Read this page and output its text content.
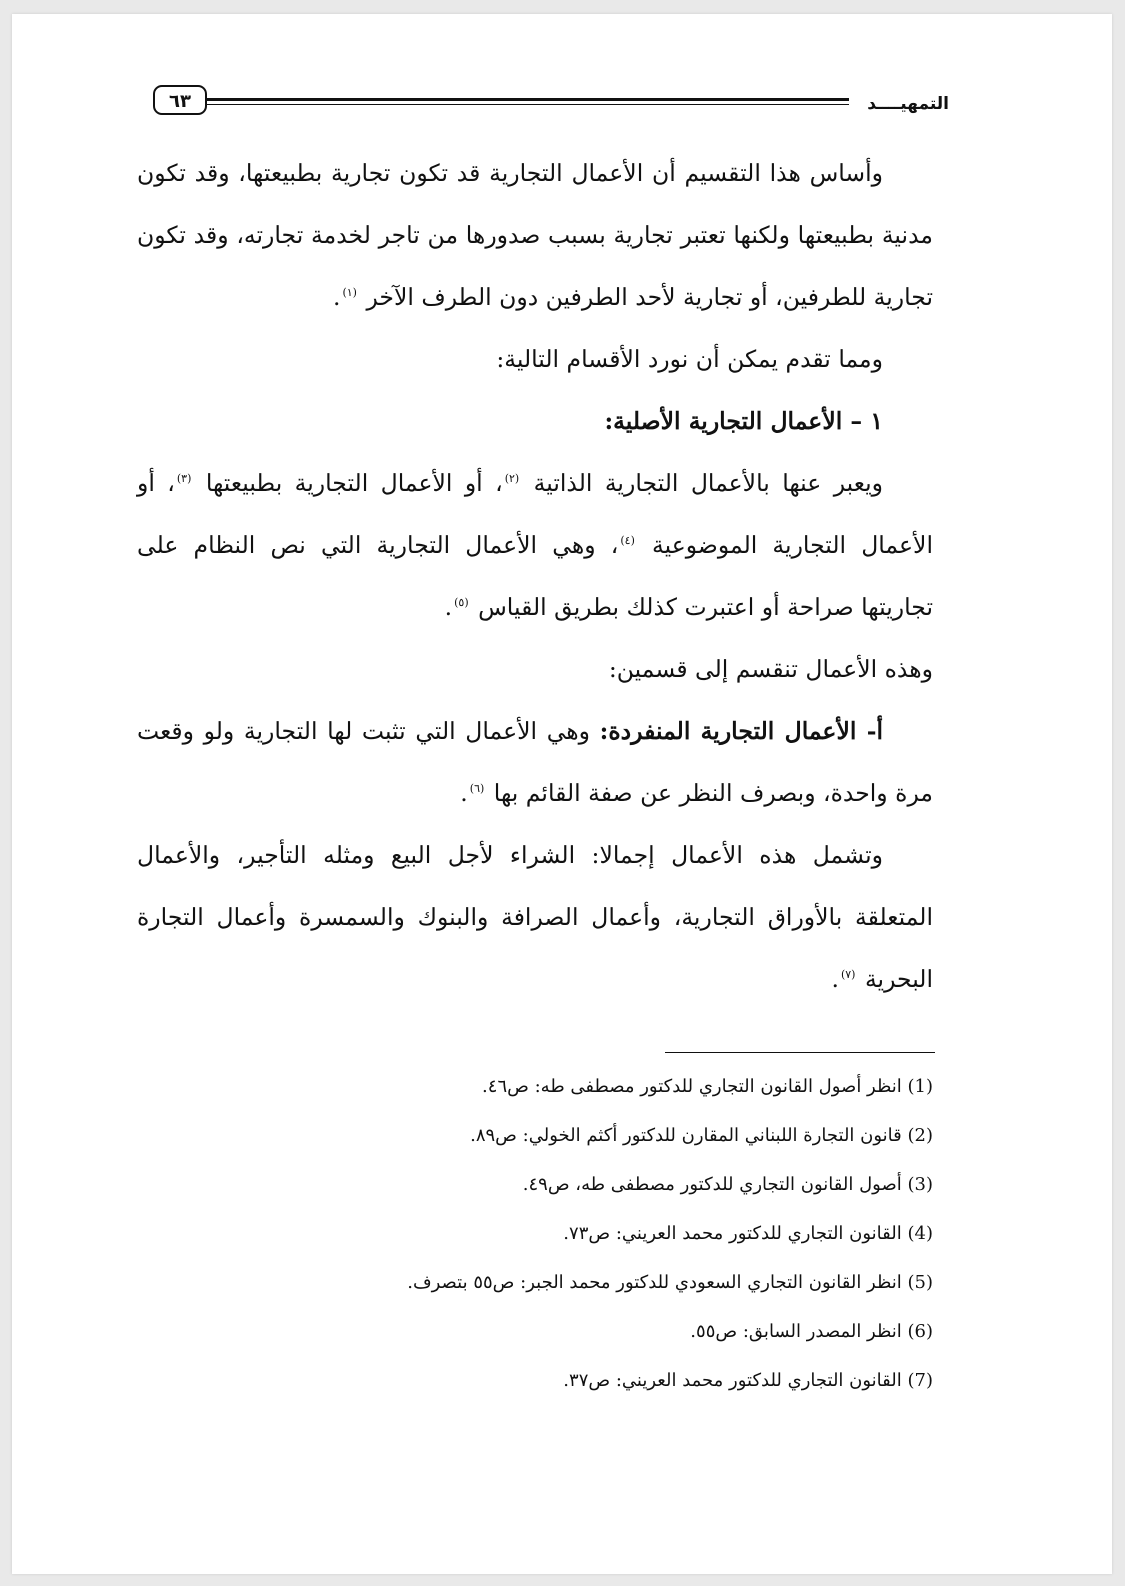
٦٣	التمهيــــد

وأساس هذا التقسيم أن الأعمال التجارية قد تكون تجارية بطبيعتها، وقد تكون مدنية بطبيعتها ولكنها تعتبر تجارية بسبب صدورها من تاجر لخدمة تجارته، وقد تكون تجارية للطرفين، أو تجارية لأحد الطرفين دون الطرف الآخر $^{(١)}$.

ومما تقدم يمكن أن نورد الأقسام التالية:

١ – الأعمال التجارية الأصلية:

ويعبر عنها بالأعمال التجارية الذاتية $^{(٢)}$، أو الأعمال التجارية بطبيعتها $^{(٣)}$، أو الأعمال التجارية الموضوعية $^{(٤)}$، وهي الأعمال التجارية التي نص النظام على تجاريتها صراحة أو اعتبرت كذلك بطريق القياس $^{(٥)}$.

وهذه الأعمال تنقسم إلى قسمين:

أ- الأعمال التجارية المنفردة: وهي الأعمال التي تثبت لها التجارية ولو وقعت مرة واحدة، وبصرف النظر عن صفة القائم بها $^{(٦)}$.

وتشمل هذه الأعمال إجمالا: الشراء لأجل البيع ومثله التأجير، والأعمال المتعلقة بالأوراق التجارية، وأعمال الصرافة والبنوك والسمسرة وأعمال التجارة البحرية $^{(٧)}$.

(1) انظر أصول القانون التجاري للدكتور مصطفى طه: ص٤٦.

(2) قانون التجارة اللبناني المقارن للدكتور أكثم الخولي: ص٨٩.

(3) أصول القانون التجاري للدكتور مصطفى طه، ص٤٩.

(4) القانون التجاري للدكتور محمد العريني: ص٧٣.

(5) انظر القانون التجاري السعودي للدكتور محمد الجبر: ص٥٥ بتصرف.

(6) انظر المصدر السابق: ص٥٥.

(7) القانون التجاري للدكتور محمد العريني: ص٣٧.
